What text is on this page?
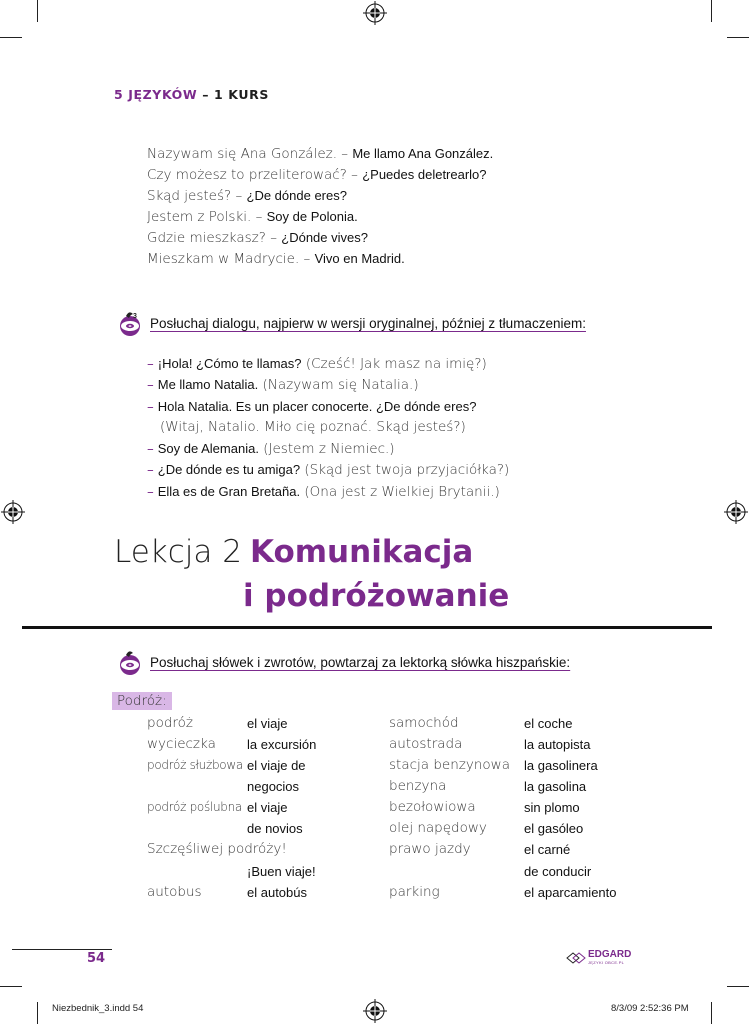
5 JĘZYKÓW – 1 KURS
Nazywam się Ana González. – Me llamo Ana González.
Czy możesz to przeliterować? – ¿Puedes deletrearlo?
Skąd jesteś? – ¿De dónde eres?
Jestem z Polski. – Soy de Polonia.
Gdzie mieszkasz? – ¿Dónde vives?
Mieszkam w Madrycie. – Vivo en Madrid.
3 Posłuchaj dialogu, najpierw w wersji oryginalnej, później z tłumaczeniem:
– ¡Hola! ¿Cómo te llamas? (Cześć! Jak masz na imię?)
– Me llamo Natalia. (Nazywam się Natalia.)
– Hola Natalia. Es un placer conocerte. ¿De dónde eres?
(Witaj, Natalio. Miło cię poznać. Skąd jesteś?)
– Soy de Alemania. (Jestem z Niemiec.)
– ¿De dónde es tu amiga? (Skąd jest twoja przyjaciółka?)
– Ella es de Gran Bretaña. (Ona jest z Wielkiej Brytanii.)
Lekcja 2 Komunikacja
i podróżowanie
Posłuchaj słówek i zwrotów, powtarzaj za lektorką słówka hiszpańskie:
Podróż:
podróż
wycieczka
podróż służbowa
podróż poślubna
Szczęśliwej podróży!
autobus
el viaje
la excursión
el viaje de
negocios
el viaje
de novios
¡Buen viaje!
el autobús
samochód
autostrada
stacja benzynowa
benzyna
bezołowiowa
olej napędowy
prawo jazdy
parking
el coche
la autopista
la gasolinera
la gasolina
sin plomo
el gasóleo
el carné
de conducir
el aparcamiento
54	EDGARD
JĘZYKI OBCE.PL
Niezbednik_3.indd 54	8/3/09 2:52:36 PM
